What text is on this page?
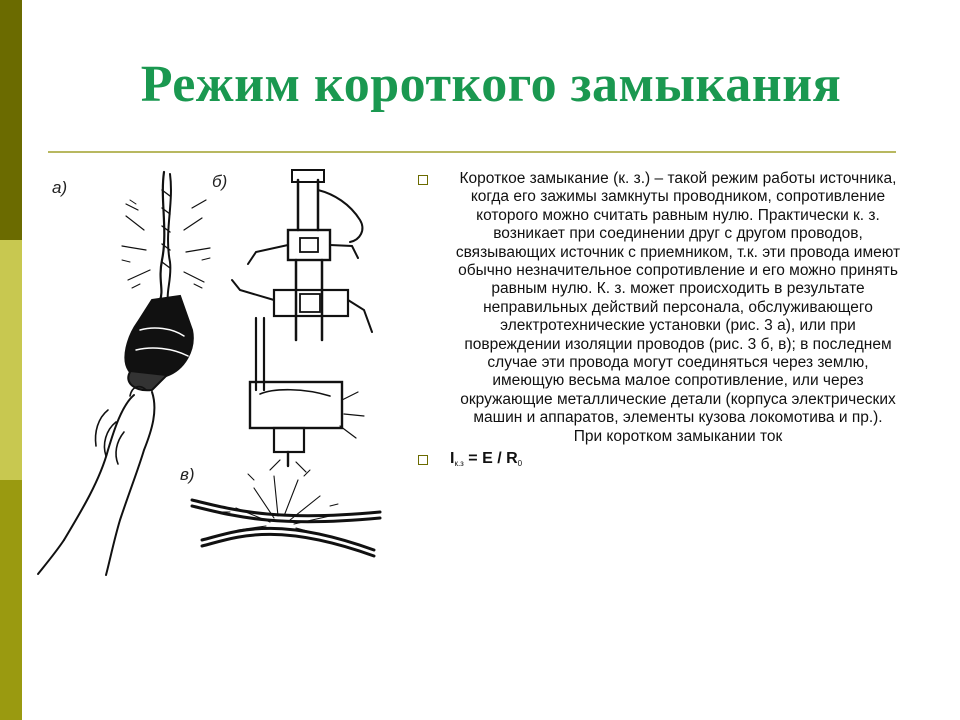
Режим короткого замыкания
а)	б)
в)

Короткое замыкание (к. з.) – такой режим работы источника, когда его зажимы замкнуты проводником, сопротивление которого можно считать равным нулю. Практически к. з. возникает при соединении друг с другом проводов, связывающих источник с приемником, т.к. эти провода имеют обычно незначительное сопротивление и его можно принять равным нулю. К. з. может происходить в результате неправильных действий персонала, обслуживающего электротехнические установки (рис. 3 а), или при повреждении изоляции проводов (рис. 3 б, в); в последнем случае эти провода могут соединяться через землю, имеющую весьма малое сопротивление, или через окружающие металлические детали (корпуса электрических машин и аппаратов, элементы кузова локомотива и пр.).

При коротком замыкании ток

$I_{к.з} = E / R_0$
